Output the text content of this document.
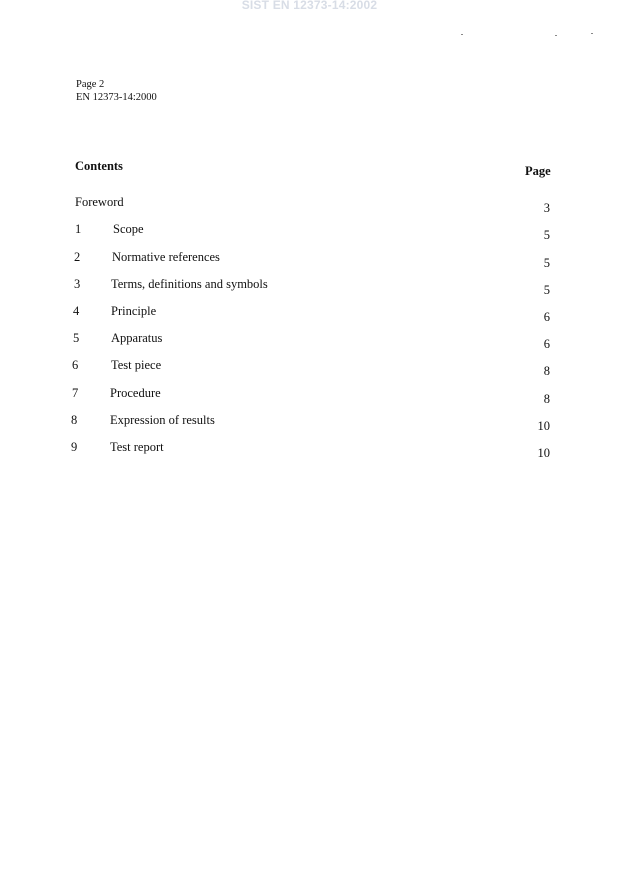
SIST EN 12373-14:2002
Page 2
EN 12373-14:2000
Contents	Page
Foreword	3
1	Scope	5
2	Normative references	5
3 Terms, definitions and symbols	5
4	Principle	6
5	Apparatus	6
6	Test piece	8
7	Procedure	8
8	Expression of results	10
9	Test report	10
